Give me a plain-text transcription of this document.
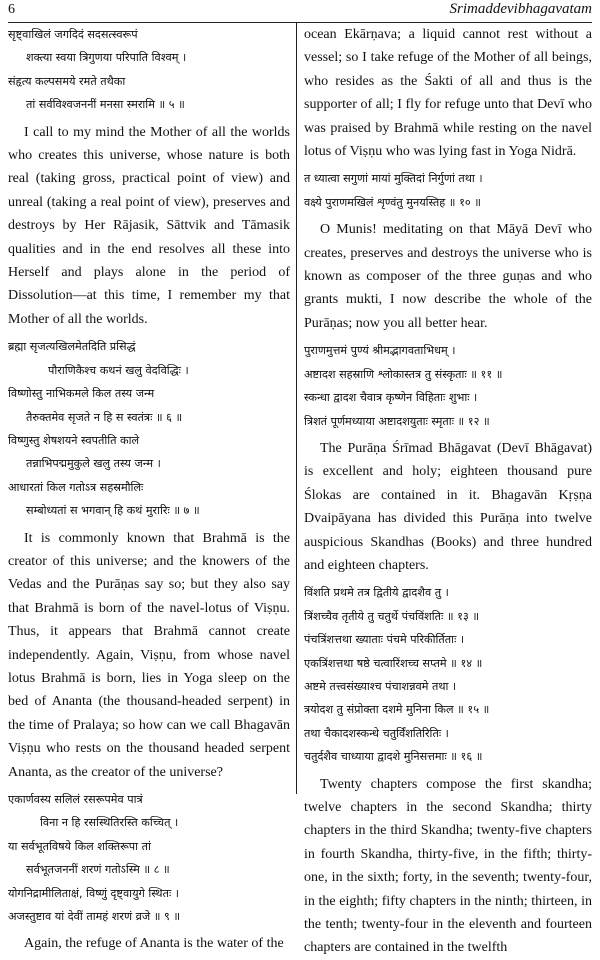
6	Srimaddevibhagavatam
सृष्ट्वाखिलं जगदिदं सदसत्स्वरूपं
शक्त्या स्वया त्रिगुणया परिपाति विश्वम् ।
संहृत्य कल्पसमये रमते तथैका
तां सर्वविश्वजननीं मनसा स्मरामि ॥ ५ ॥

I call to my mind the Mother of all the worlds who creates this universe, whose nature is both real (taking gross, practical point of view) and unreal (taking a real point of view), preserves and destroys by Her Rājasik, Sāttvik and Tāmasik qualities and in the end resolves all these into Herself and plays alone in the period of Dissolution—at this time, I remember my that Mother of all the worlds.

ब्रह्मा सृजत्यखिलमेतदिति प्रसिद्धं
पौराणिकैश्च कथनं खलु वेदविद्धिः ।
विष्णोस्तु नाभिकमले किल तस्य जन्म
तैरुक्तमेव सृजते न हि स स्वतंत्रः ॥ ६ ॥
विष्णुस्तु शेषशयने स्वपतीति काले
तन्नाभिपद्ममुकुले खलु तस्य जन्म ।
आधारतां किल गतोऽत्र सहस्रमौलिः
सम्बोध्यतां स भगवान् हि कथं मुरारिः ॥ ७ ॥

It is commonly known that Brahmā is the creator of this universe; and the knowers of the Vedas and the Purāṇas say so; but they also say that Brahmā is born of the navel-lotus of Viṣṇu. Thus, it appears that Brahmā cannot create independently. Again, Viṣṇu, from whose navel lotus Brahmā is born, lies in Yoga sleep on the bed of Ananta (the thousand-headed serpent) in the time of Pralaya; so how can we call Bhagavān Viṣṇu who rests on the thousand headed serpent Ananta, as the creator of the universe?

एकार्णवस्य सलिलं रसरूपमेव पात्रं
विना न हि रसस्थितिरस्ति कच्चित् ।
या सर्वभूतविषये किल शक्तिरूपा तां
सर्वभूतजननीं शरणं गतोऽस्मि ॥ ८ ॥
योगनिद्रामीलिताक्षं, विष्णुं दृष्ट्वायुगे स्थितः ।
अजस्तुष्टाव यां देवीं तामहं शरणं व्रजे ॥ ९ ॥

Again, the refuge of Ananta is the water of the

ocean Ekārṇava; a liquid cannot rest without a vessel; so I take refuge of the Mother of all beings, who resides as the Śakti of all and thus is the supporter of all; I fly for refuge unto that Devī who was praised by Brahmā while resting on the navel lotus of Viṣṇu who was lying fast in Yoga Nidrā.

त ध्यात्वा सगुणां मायां मुक्तिदां निर्गुणां तथा ।
वक्ष्ये पुराणमखिलं शृण्वंतु मुनयस्तिह ॥ १० ॥

O Munis! meditating on that Māyā Devī who creates, preserves and destroys the universe who is known as composer of the three guṇas and who grants mukti, I now describe the whole of the Purāṇas; now you all better hear.

पुराणमुत्तमं पुण्यं श्रीमद्भागवताभिधम् ।
अष्टादश सहस्राणि श्लोकास्तत्र तु संस्कृताः ॥ ११ ॥
स्कन्धा द्वादश चैवात्र कृष्णेन विहिताः शुभाः ।
त्रिशतं पूर्णमध्याया अष्टादशयुताः स्मृताः ॥ १२ ॥

The Purāṇa Śrīmad Bhāgavat (Devī Bhāgavat) is excellent and holy; eighteen thousand pure Ślokas are contained in it. Bhagavān Kṛṣṇa Dvaipāyana has divided this Purāṇa into twelve auspicious Skandhas (Books) and three hundred and eighteen chapters.

विंशति प्रथमे तत्र द्वितीये द्वादशैव तु ।
त्रिंशच्चैव तृतीये तु चतुर्थे पंचविंशतिः ॥ १३ ॥
पंचत्रिंशत्तथा ख्याताः पंचमे परिकीर्तिताः ।
एकत्रिंशत्तथा षष्ठे चत्वारिंशच्च सप्तमे ॥ १४ ॥
अष्टमे तत्त्वसंख्याश्च पंचाशन्नवमे तथा ।
त्रयोदश तु संप्रोक्ता दशमे मुनिना किल ॥ १५ ॥
तथा चैकादशस्कन्धे चतुर्विंशतिरितिः ।
चतुर्दशैव चाध्याया द्वादशे मुनिसत्तमाः ॥ १६ ॥

Twenty chapters compose the first skandha; twelve chapters in the second Skandha; thirty chapters in the third Skandha; twenty-five chapters in fourth Skandha, thirty-five, in the fifth; thirty-one, in the sixth; forty, in the seventh; twenty-four, in the eighth; fifty chapters in the ninth; thirteen, in the tenth; twenty-four in the eleventh and fourteen chapters are contained in the twelfth
